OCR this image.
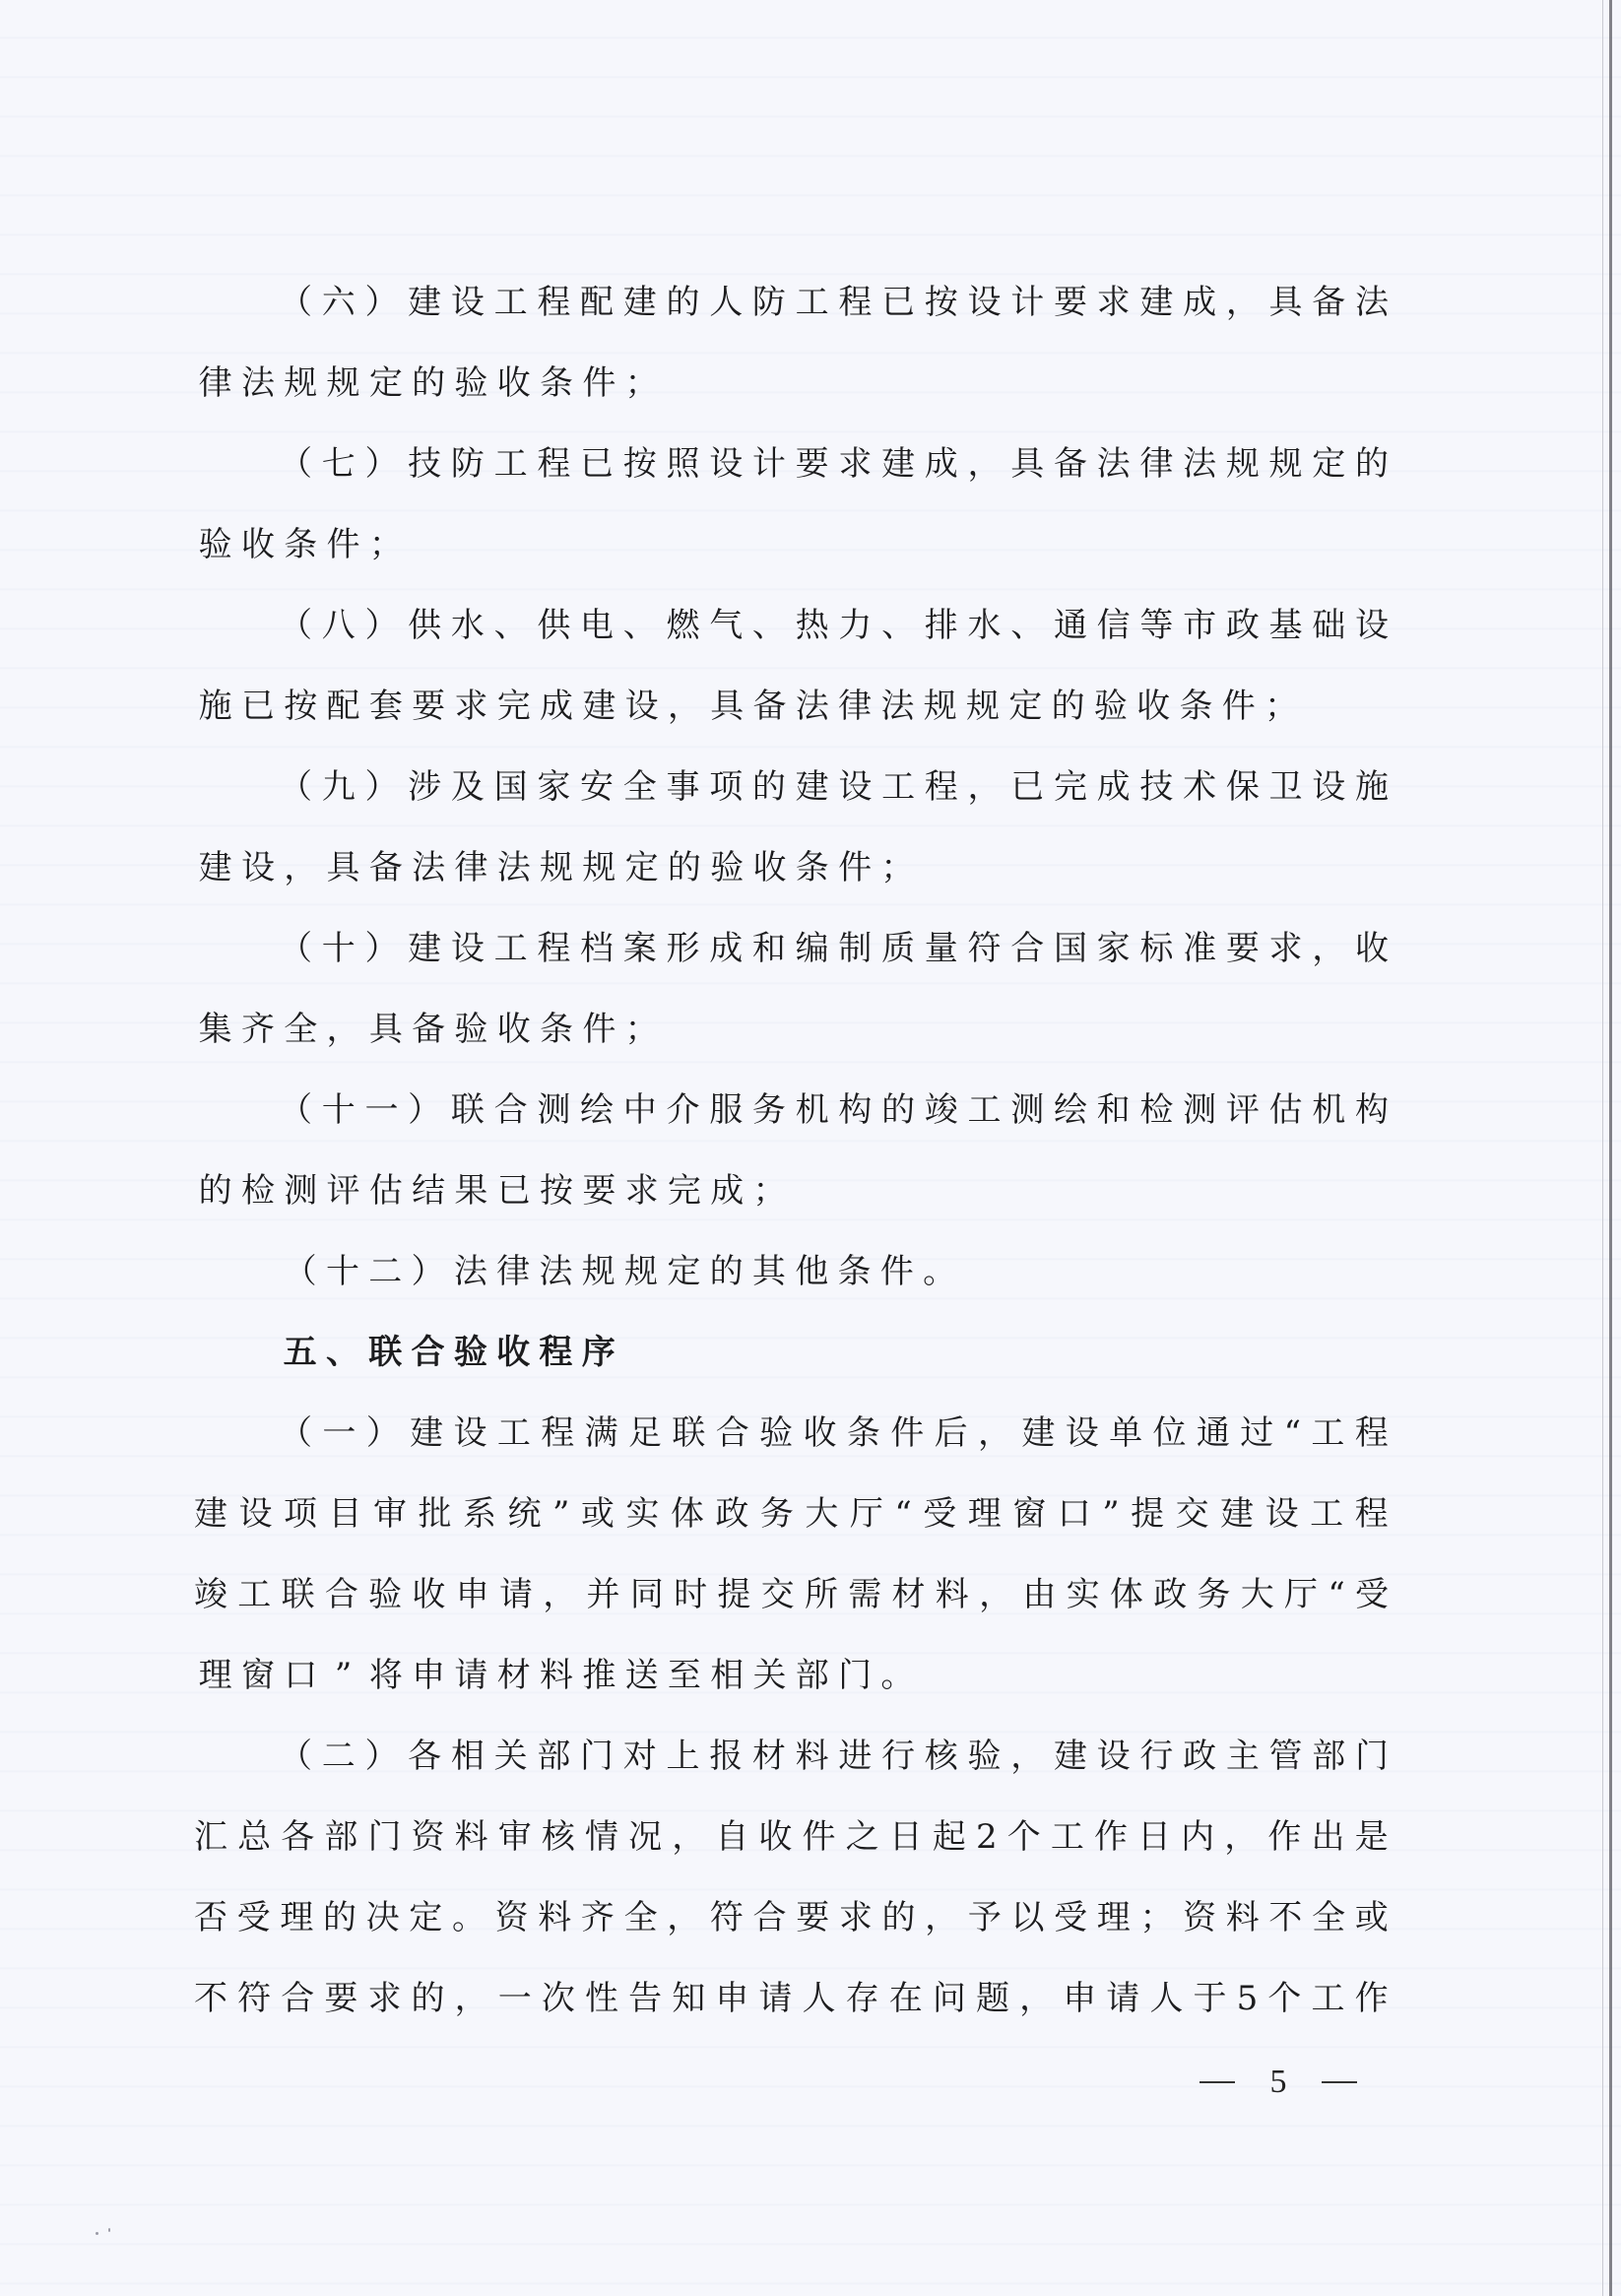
（ 六 ） 建 设 工 程 配 建 的 人 防 工 程 已 按 设 计 要 求 建 成 ， 具 备 法
律 法 规 规 定 的 验 收 条 件 ；
（ 七 ） 技 防 工 程 已 按 照 设 计 要 求 建 成 ， 具 备 法 律 法 规 规 定 的
验 收 条 件 ；
（ 八 ） 供 水 、 供 电 、 燃 气 、 热 力 、 排 水 、 通 信 等 市 政 基 础 设
施 已 按 配 套 要 求 完 成 建 设 ， 具 备 法 律 法 规 规 定 的 验 收 条 件 ；
（ 九 ） 涉 及 国 家 安 全 事 项 的 建 设 工 程 ， 已 完 成 技 术 保 卫 设 施
建 设 ， 具 备 法 律 法 规 规 定 的 验 收 条 件 ；
（ 十 ） 建 设 工 程 档 案 形 成 和 编 制 质 量 符 合 国 家 标 准 要 求 ， 收
集 齐 全 ， 具 备 验 收 条 件 ；
（ 十 一 ） 联 合 测 绘 中 介 服 务 机 构 的 竣 工 测 绘 和 检 测 评 估 机 构
的 检 测 评 估 结 果 已 按 要 求 完 成 ；
（ 十 二 ） 法 律 法 规 规 定 的 其 他 条 件 。
五 、 联 合 验 收 程 序
（ 一 ） 建 设 工 程 满 足 联 合 验 收 条 件 后 ， 建 设 单 位 通 过 “ 工 程
建 设 项 目 审 批 系 统 ” 或 实 体 政 务 大 厅 “ 受 理 窗 口 ” 提 交 建 设 工 程
竣 工 联 合 验 收 申 请 ， 并 同 时 提 交 所 需 材 料 ， 由 实 体 政 务 大 厅 “ 受
理 窗 口 ” 将 申 请 材 料 推 送 至 相 关 部 门 。
（ 二 ） 各 相 关 部 门 对 上 报 材 料 进 行 核 验 ， 建 设 行 政 主 管 部 门
汇 总 各 部 门 资 料 审 核 情 况 ， 自 收 件 之 日 起 2 个 工 作 日 内 ， 作 出 是
否 受 理 的 决 定 。 资 料 齐 全 ， 符 合 要 求 的 ， 予 以 受 理 ； 资 料 不 全 或
不 符 合 要 求 的 ， 一 次 性 告 知 申 请 人 存 在 问 题 ， 申 请 人 于 5 个 工 作
5
